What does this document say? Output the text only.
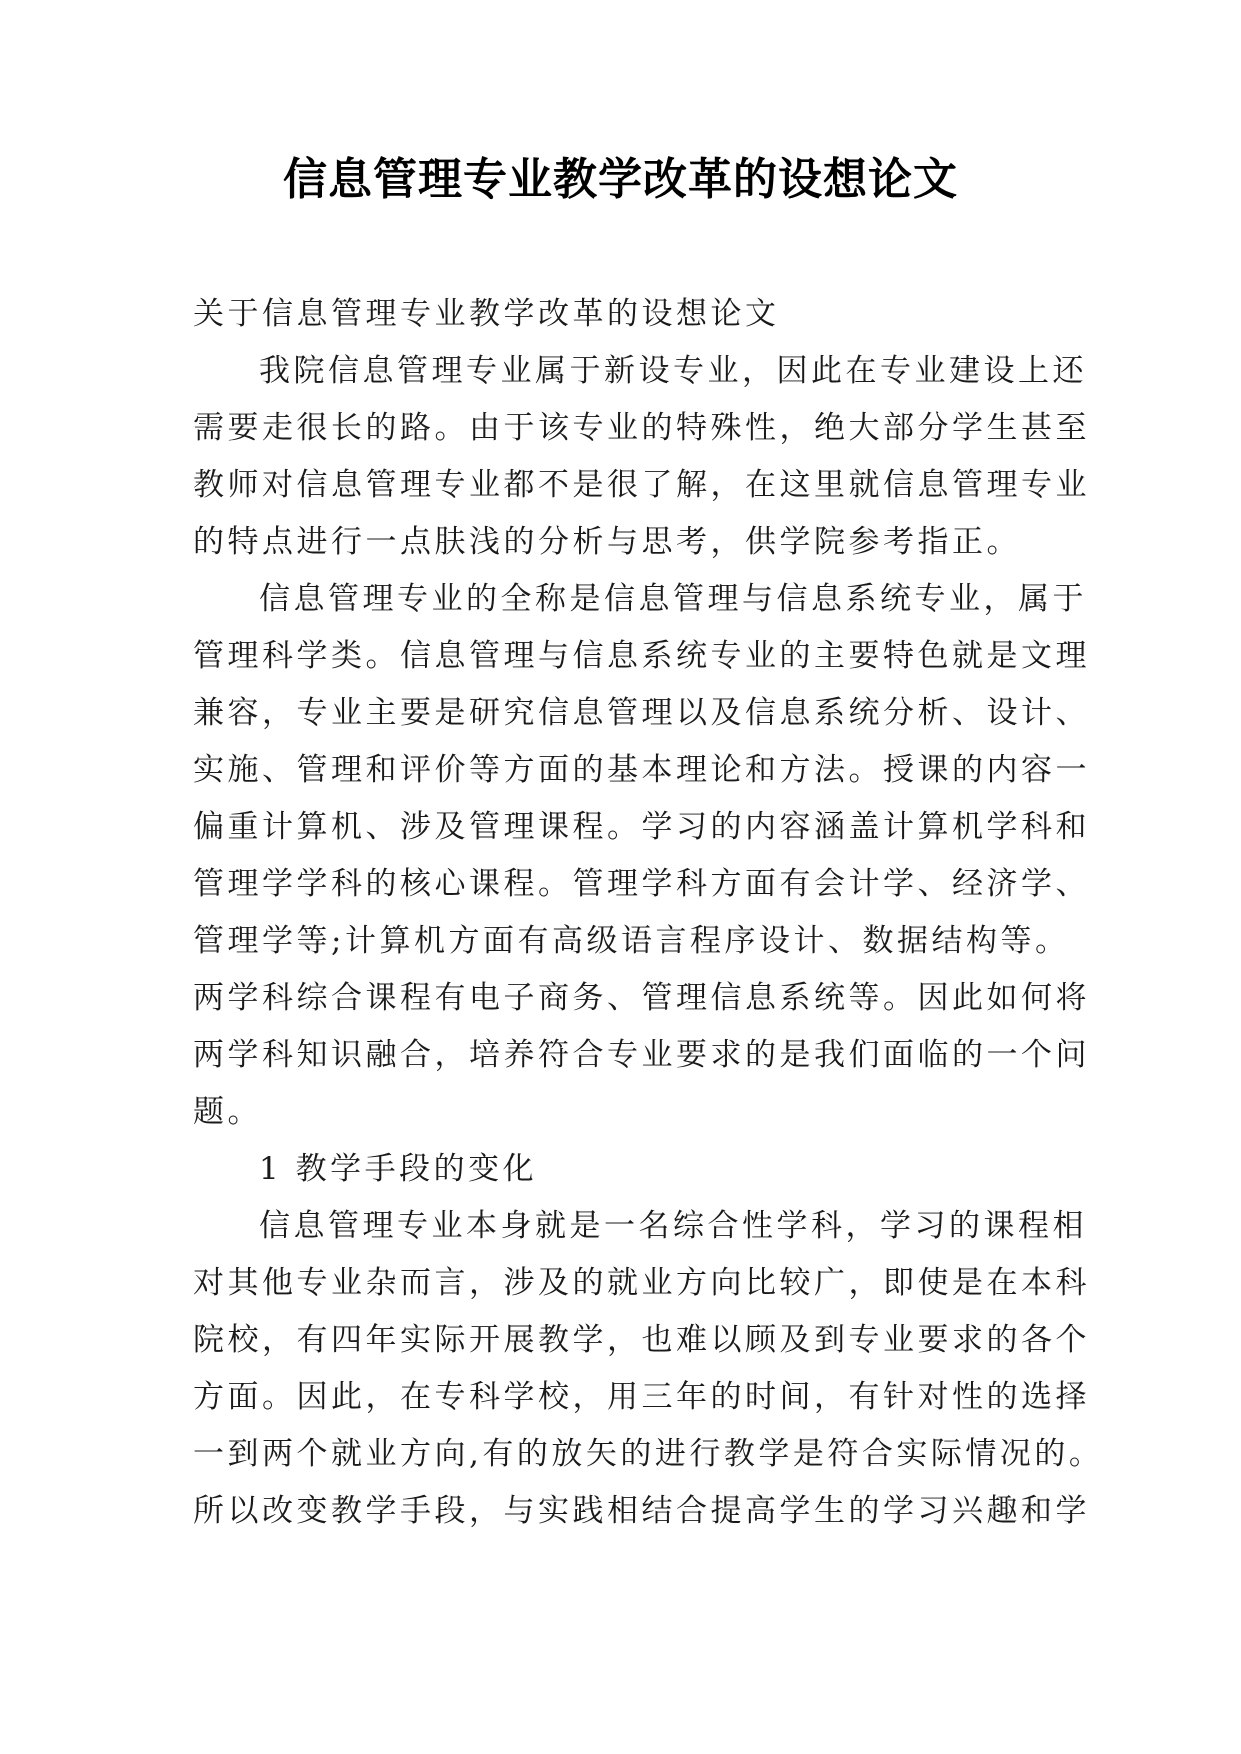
信息管理专业教学改革的设想论文

关于信息管理专业教学改革的设想论文

我院信息管理专业属于新设专业，因此在专业建设上还
需要走很长的路。由于该专业的特殊性，绝大部分学生甚至
教师对信息管理专业都不是很了解，在这里就信息管理专业
的特点进行一点肤浅的分析与思考，供学院参考指正。

信息管理专业的全称是信息管理与信息系统专业，属于
管理科学类。信息管理与信息系统专业的主要特色就是文理
兼容，专业主要是研究信息管理以及信息系统分析、设计、
实施、管理和评价等方面的基本理论和方法。授课的内容一
偏重计算机、涉及管理课程。学习的内容涵盖计算机学科和
管理学学科的核心课程。管理学科方面有会计学、经济学、
管理学等;计算机方面有高级语言程序设计、数据结构等。
两学科综合课程有电子商务、管理信息系统等。因此如何将
两学科知识融合，培养符合专业要求的是我们面临的一个问
题。

1 教学手段的变化

信息管理专业本身就是一名综合性学科，学习的课程相
对其他专业杂而言，涉及的就业方向比较广，即使是在本科
院校，有四年实际开展教学，也难以顾及到专业要求的各个
方面。因此，在专科学校，用三年的时间，有针对性的选择
一到两个就业方向,有的放矢的进行教学是符合实际情况的。
所以改变教学手段，与实践相结合提高学生的学习兴趣和学
